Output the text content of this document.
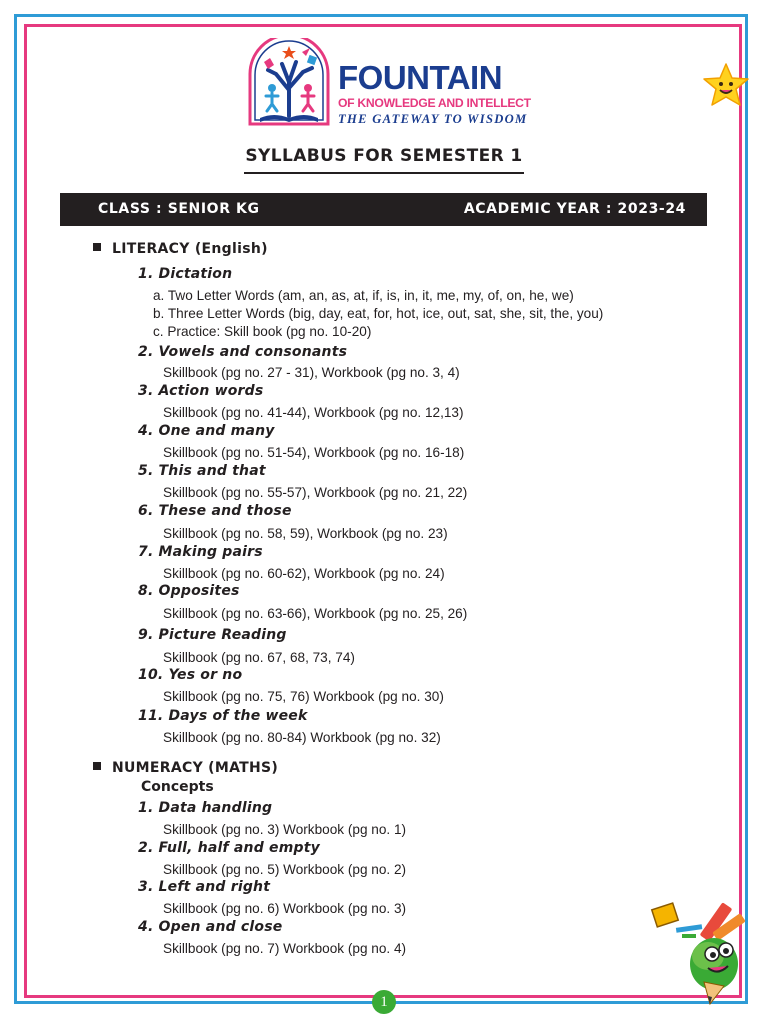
FOUNTAIN
OF KNOWLEDGE AND INTELLECT
THE GATEWAY TO WISDOM
SYLLABUS FOR SEMESTER 1
CLASS : SENIOR KG	ACADEMIC YEAR : 2023-24
LITERACY (English)
1. Dictation
a. Two Letter Words (am, an, as, at, if, is, in, it, me, my, of, on, he, we)
b. Three Letter Words (big, day, eat, for, hot, ice, out, sat, she, sit, the, you)
c. Practice: Skill book (pg no. 10-20)
2. Vowels and consonants
Skillbook (pg no. 27 - 31), Workbook (pg no. 3, 4)
3. Action words
Skillbook (pg no. 41-44), Workbook (pg no. 12,13)
4. One and many
Skillbook (pg no. 51-54), Workbook (pg no. 16-18)
5. This and that
Skillbook (pg no. 55-57), Workbook (pg no. 21, 22)
6. These and those
Skillbook (pg no. 58, 59), Workbook (pg no. 23)
7. Making pairs
Skillbook (pg no. 60-62), Workbook (pg no. 24)
8. Opposites
Skillbook (pg no. 63-66), Workbook (pg no. 25, 26)
9. Picture Reading
Skillbook (pg no. 67, 68, 73, 74)
10. Yes or no
Skillbook (pg no. 75, 76) Workbook (pg no. 30)
11. Days of the week
Skillbook (pg no. 80-84) Workbook (pg no. 32)
NUMERACY (MATHS)
Concepts
1. Data handling
Skillbook (pg no. 3) Workbook (pg no. 1)
2. Full, half and empty
Skillbook (pg no. 5) Workbook (pg no. 2)
3. Left and right
Skillbook (pg no. 6) Workbook (pg no. 3)
4. Open and close
Skillbook (pg no. 7) Workbook (pg no. 4)
1
